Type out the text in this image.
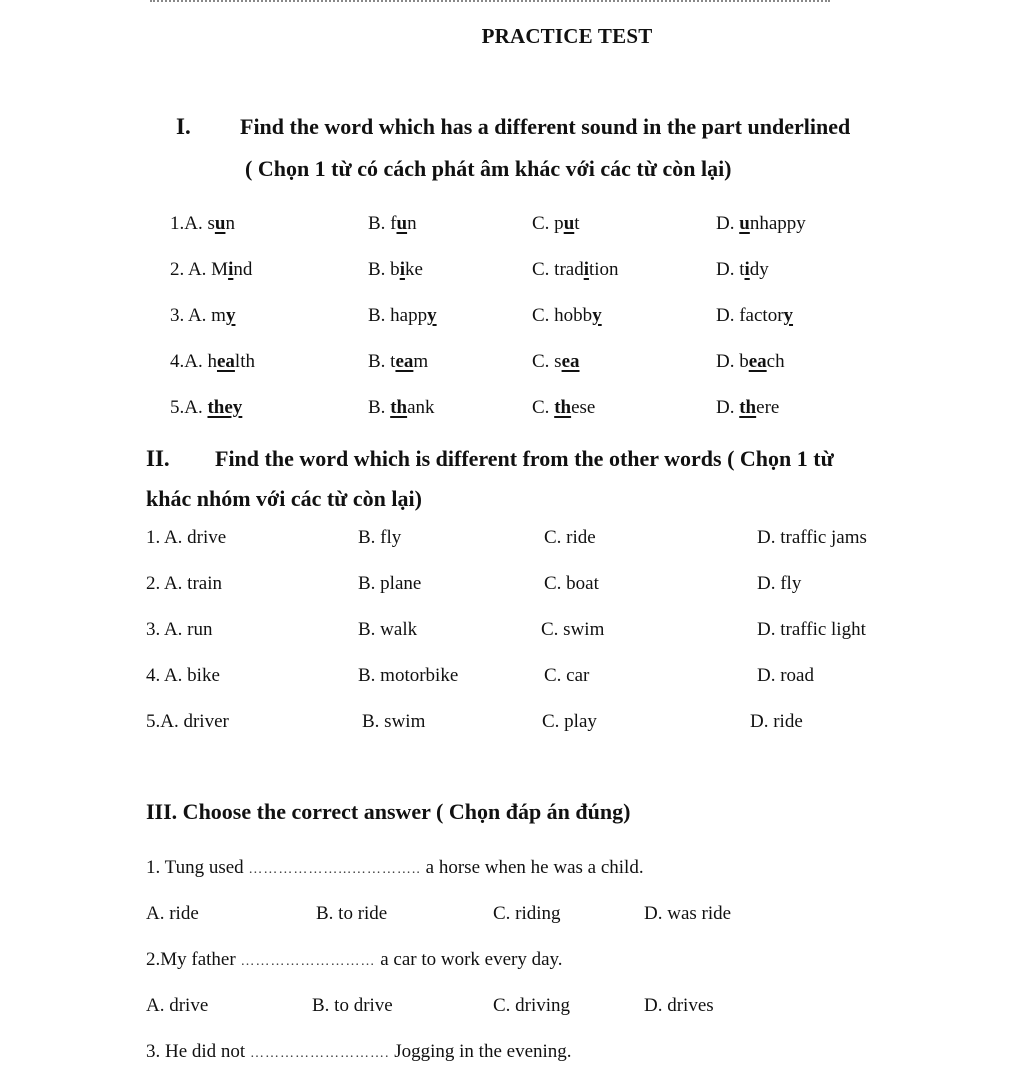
PRACTICE TEST
I. Find the word which has a different sound in the part underlined
( Chọn 1 từ có cách phát âm khác với các từ còn lại)
1.A. sun	B. fun	C. put	D. unhappy
2. A. Mind	B. bike	C. tradition	D. tidy
3. A. my	B. happy	C. hobby	D. factory
4.A. health	B. team	C. sea	D. beach
5.A. they	B. thank	C. these	D. there
II. Find the word which is different from the other words ( Chọn 1 từ
khác nhóm với các từ còn lại)
1. A. drive	B. fly	C. ride	D. traffic jams
2. A. train	B. plane	C. boat	D. fly
3. A. run	B. walk	C. swim	D. traffic light
4. A. bike	B. motorbike	C. car	D. road
5.A. driver	B. swim	C. play	D. ride
III. Choose the correct answer ( Chọn đáp án đúng)
1. Tung used ………………...………….. a horse when he was a child.
A. ride	B. to ride	C. riding	D. was ride
2.My father ……………………… a car to work every day.
A. drive	B. to drive	C. driving	D. drives
3. He did not ………………………. Jogging in the evening.
